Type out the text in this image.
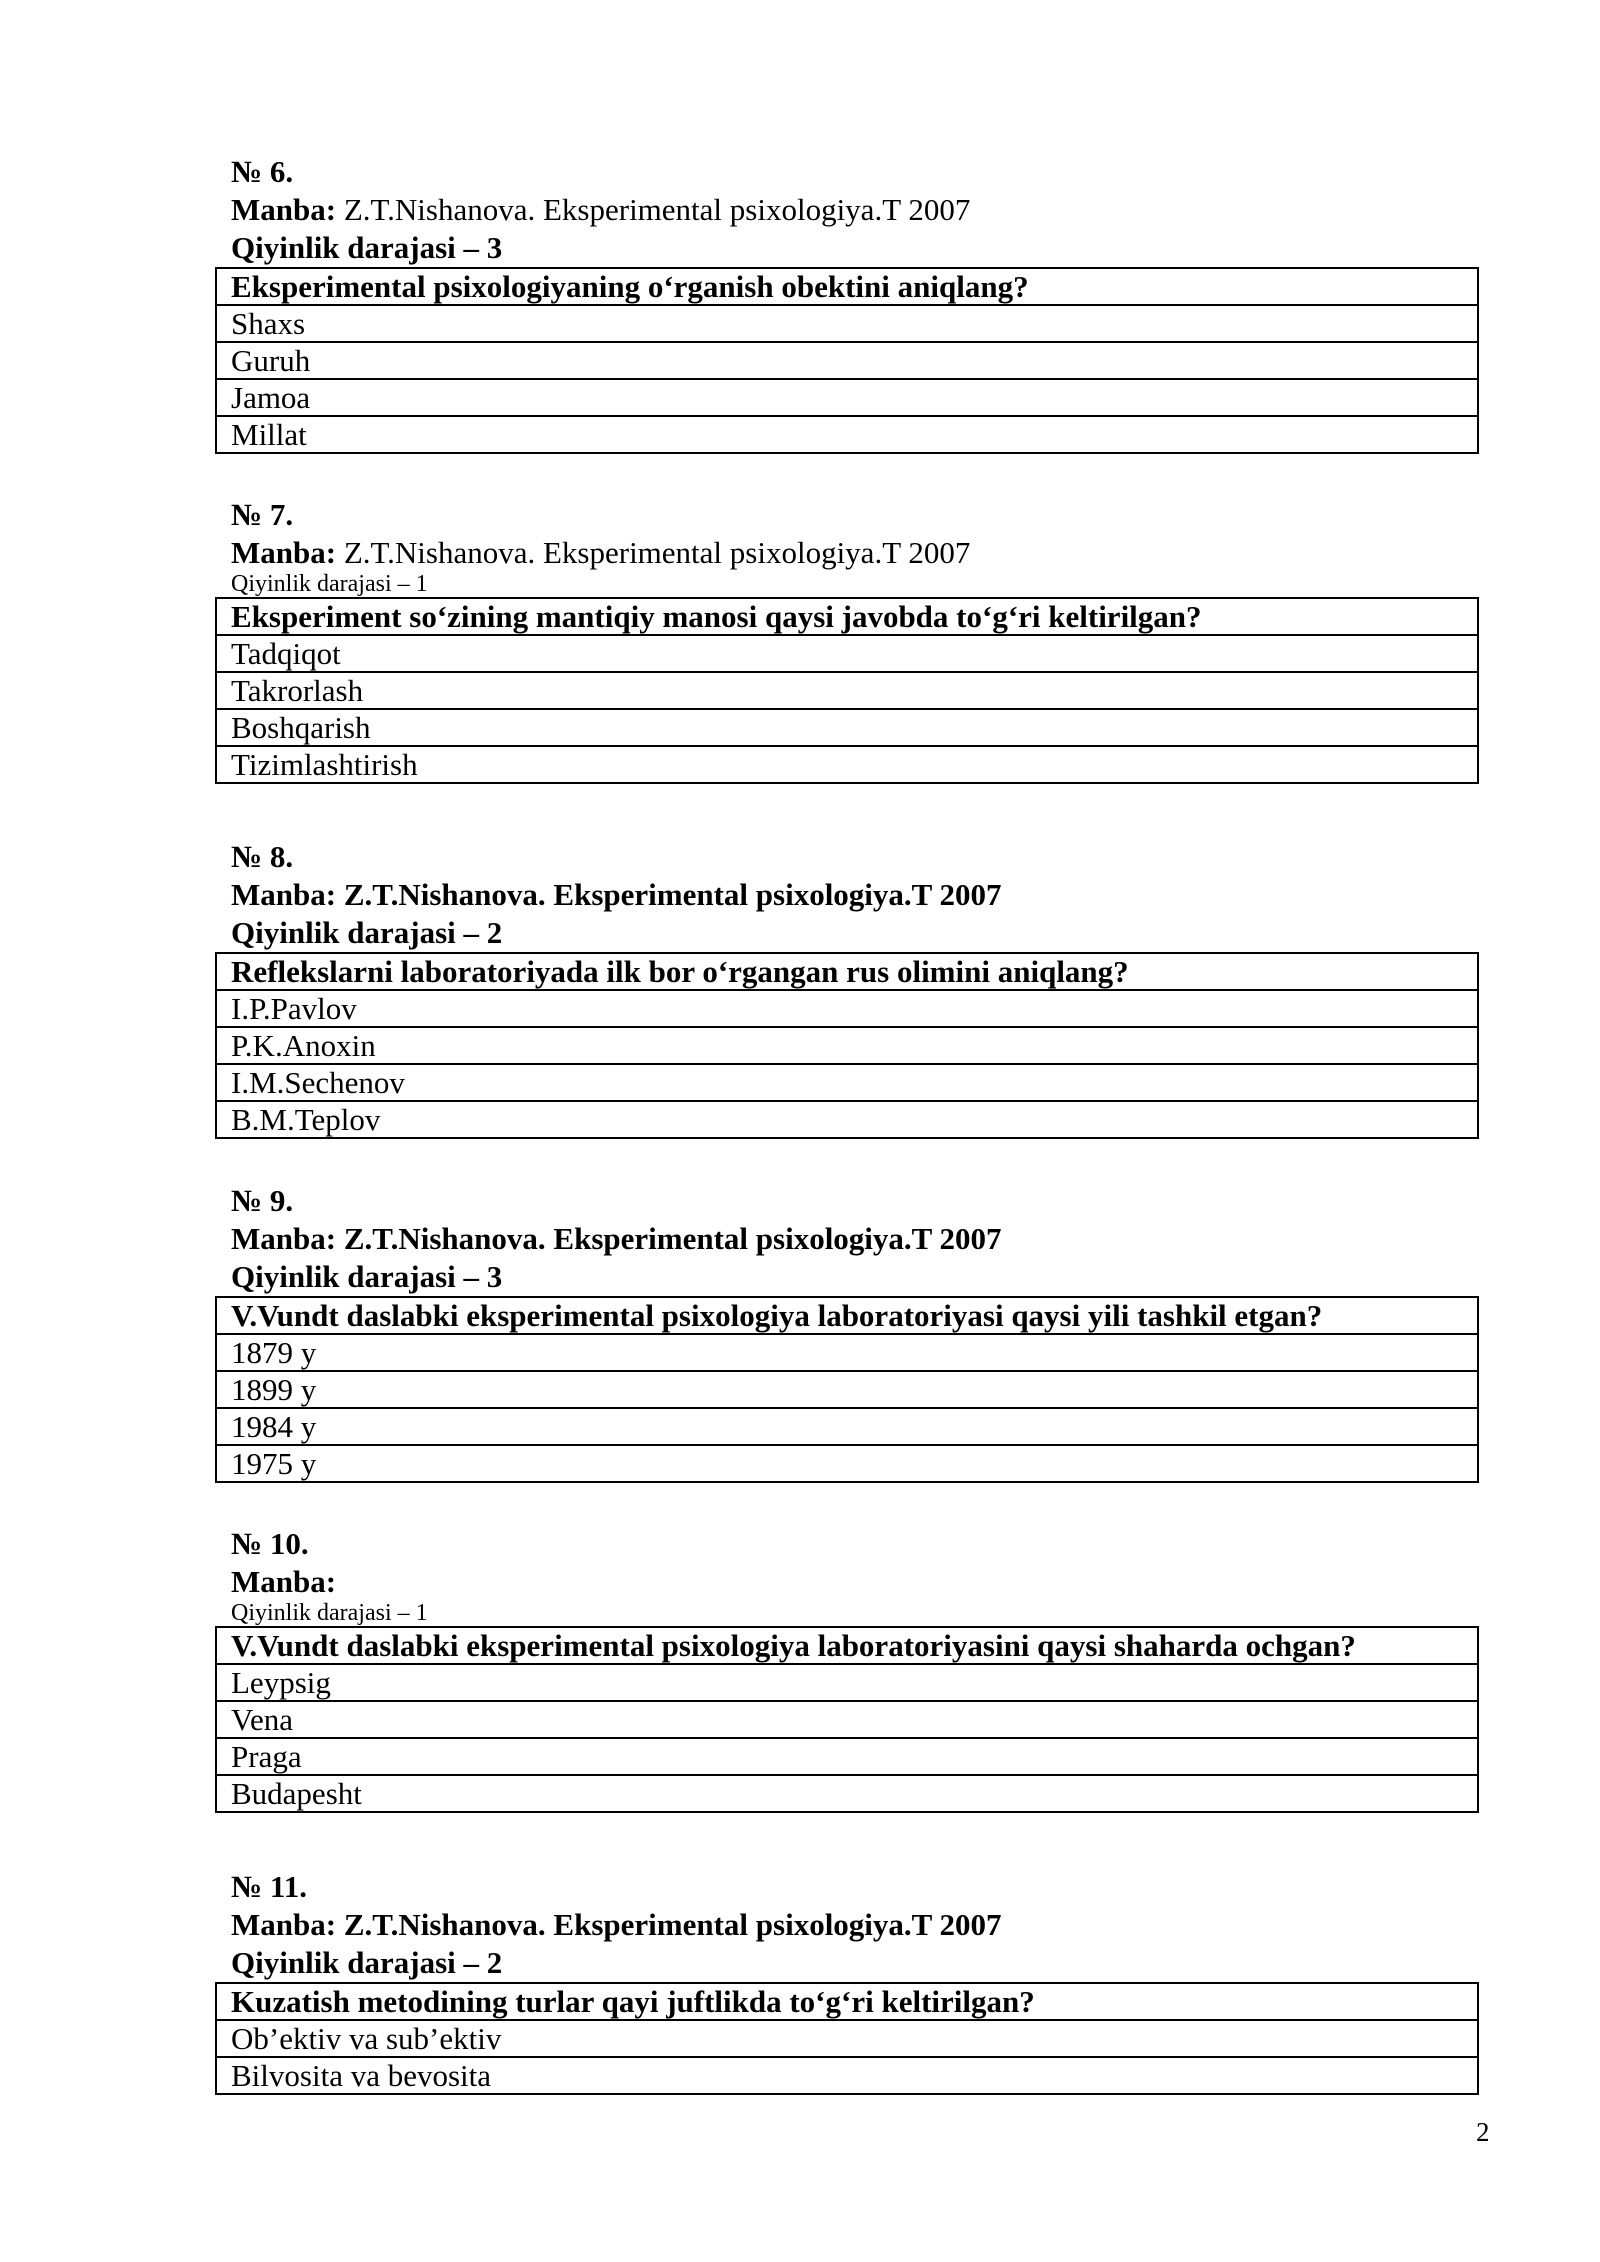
№ 6.
Manba: Z.T.Nishanova. Eksperimental psixologiya.T 2007
Qiyinlik darajasi – 3
Eksperimental psixologiyaning o‘rganish obektini aniqlang?
Shaxs
Guruh
Jamoa
Millat
№ 7.
Manba: Z.T.Nishanova. Eksperimental psixologiya.T 2007
Qiyinlik darajasi – 1
Eksperiment so‘zining mantiqiy manosi qaysi javobda to‘g‘ri keltirilgan?
Tadqiqot
Takrorlash
Boshqarish
Tizimlashtirish
№ 8.
Manba: Z.T.Nishanova. Eksperimental psixologiya.T 2007
Qiyinlik darajasi – 2
Reflekslarni laboratoriyada ilk bor o‘rgangan rus olimini aniqlang?
I.P.Pavlov
P.K.Anoxin
I.M.Sechenov
B.M.Teplov
№ 9.
Manba: Z.T.Nishanova. Eksperimental psixologiya.T 2007
Qiyinlik darajasi – 3
V.Vundt daslabki eksperimental psixologiya laboratoriyasi qaysi yili tashkil etgan?
1879 y
1899 y
1984 y
1975 y
№ 10.
Manba:
Qiyinlik darajasi – 1
V.Vundt daslabki eksperimental psixologiya laboratoriyasini qaysi shaharda ochgan?
Leypsig
Vena
Praga
Budapesht
№ 11.
Manba: Z.T.Nishanova. Eksperimental psixologiya.T 2007
Qiyinlik darajasi – 2
Kuzatish metodining turlar qayi juftlikda to‘g‘ri keltirilgan?
Ob’ektiv va sub’ektiv
Bilvosita va bevosita
2
